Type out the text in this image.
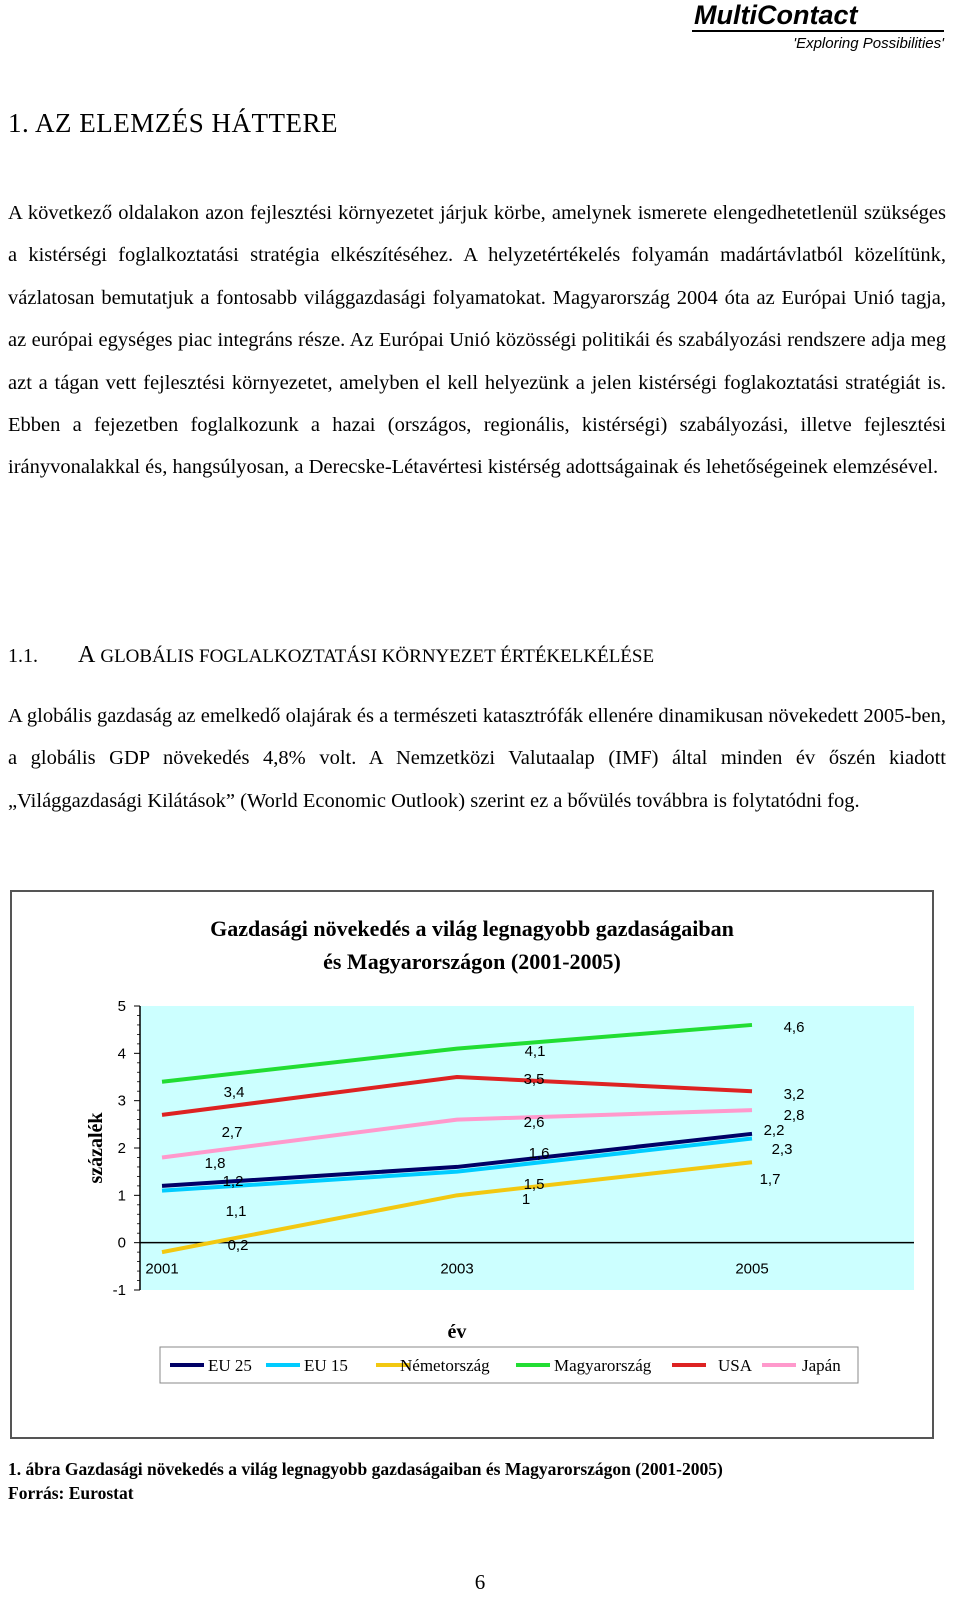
MultiContact
'Exploring Possibilities'
1. AZ ELEMZÉS HÁTTERE

A következő oldalakon azon fejlesztési környezetet járjuk körbe, amelynek ismerete elengedhetetlenül szükséges a kistérségi foglalkoztatási stratégia elkészítéséhez. A helyzetértékelés folyamán madártávlatból közelítünk, vázlatosan bemutatjuk a fontosabb világgazdasági folyamatokat. Magyarország 2004 óta az Európai Unió tagja, az európai egységes piac integráns része. Az Európai Unió közösségi politikái és szabályozási rendszere adja meg azt a tágan vett fejlesztési környezetet, amelyben el kell helyezünk a jelen kistérségi foglakoztatási stratégiát is. Ebben a fejezetben foglalkozunk a hazai (országos, regionális, kistérségi) szabályozási, illetve fejlesztési irányvonalakkal és, hangsúlyosan, a Derecske-Létavértesi kistérség adottságainak és lehetőségeinek elemzésével.

1.1. A GLOBÁLIS FOGLALKOZTATÁSI KÖRNYEZET ÉRTÉKELKÉLÉSE

A globális gazdaság az emelkedő olajárak és a természeti katasztrófák ellenére dinamikusan növekedett 2005-ben, a globális GDP növekedés 4,8% volt. A Nemzetközi Valutaalap (IMF) által minden év őszén kiadott „Világgazdasági Kilátások” (World Economic Outlook) szerint ez a bővülés továbbra is folytatódni fog.

Gazdasági növekedés a világ legnagyobb gazdaságaiban
és Magyarországon (2001-2005)
-1
0
1
2
3
4
5
2001	2003	2005
százalék
év
3,4
2,7
1,8
1,2
1,1
0,2
4,1
3,5
2,6
1,6
1,5
1
4,6
3,2
2,8
2,2
2,3
1,7
EU 25	EU 15	Németország	Magyarország	USA	Japán
1. ábra Gazdasági növekedés a világ legnagyobb gazdaságaiban és Magyarországon (2001-2005)
Forrás: Eurostat
6
